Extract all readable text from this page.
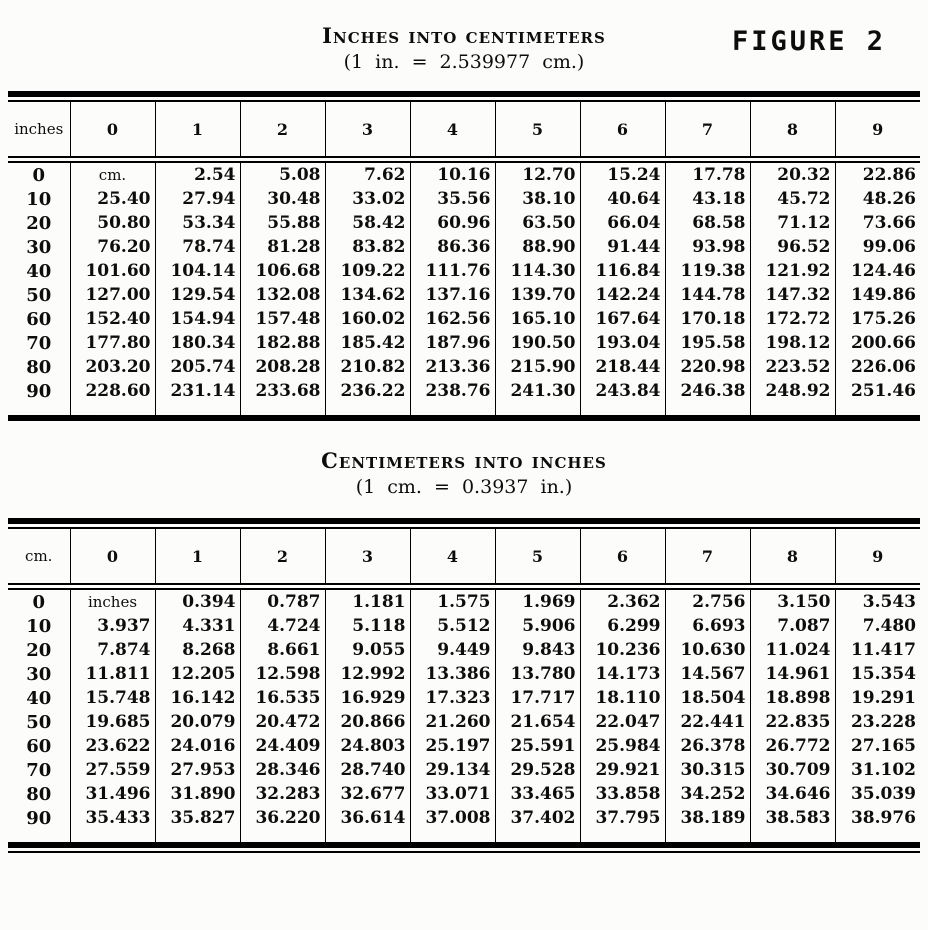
FIGURE 2
Inches into centimeters
(1 in. = 2.539977 cm.)
inches	0	1	2	3	4	5	6	7	8	9
0	cm.	2.54	5.08	7.62	10.16	12.70	15.24	17.78	20.32	22.86
10	25.40	27.94	30.48	33.02	35.56	38.10	40.64	43.18	45.72	48.26
20	50.80	53.34	55.88	58.42	60.96	63.50	66.04	68.58	71.12	73.66
30	76.20	78.74	81.28	83.82	86.36	88.90	91.44	93.98	96.52	99.06
40	101.60	104.14	106.68	109.22	111.76	114.30	116.84	119.38	121.92	124.46
50	127.00	129.54	132.08	134.62	137.16	139.70	142.24	144.78	147.32	149.86
60	152.40	154.94	157.48	160.02	162.56	165.10	167.64	170.18	172.72	175.26
70	177.80	180.34	182.88	185.42	187.96	190.50	193.04	195.58	198.12	200.66
80	203.20	205.74	208.28	210.82	213.36	215.90	218.44	220.98	223.52	226.06
90	228.60	231.14	233.68	236.22	238.76	241.30	243.84	246.38	248.92	251.46
Centimeters into inches
(1 cm. = 0.3937 in.)
cm.	0	1	2	3	4	5	6	7	8	9
0	inches	0.394	0.787	1.181	1.575	1.969	2.362	2.756	3.150	3.543
10	3.937	4.331	4.724	5.118	5.512	5.906	6.299	6.693	7.087	7.480
20	7.874	8.268	8.661	9.055	9.449	9.843	10.236	10.630	11.024	11.417
30	11.811	12.205	12.598	12.992	13.386	13.780	14.173	14.567	14.961	15.354
40	15.748	16.142	16.535	16.929	17.323	17.717	18.110	18.504	18.898	19.291
50	19.685	20.079	20.472	20.866	21.260	21.654	22.047	22.441	22.835	23.228
60	23.622	24.016	24.409	24.803	25.197	25.591	25.984	26.378	26.772	27.165
70	27.559	27.953	28.346	28.740	29.134	29.528	29.921	30.315	30.709	31.102
80	31.496	31.890	32.283	32.677	33.071	33.465	33.858	34.252	34.646	35.039
90	35.433	35.827	36.220	36.614	37.008	37.402	37.795	38.189	38.583	38.976
